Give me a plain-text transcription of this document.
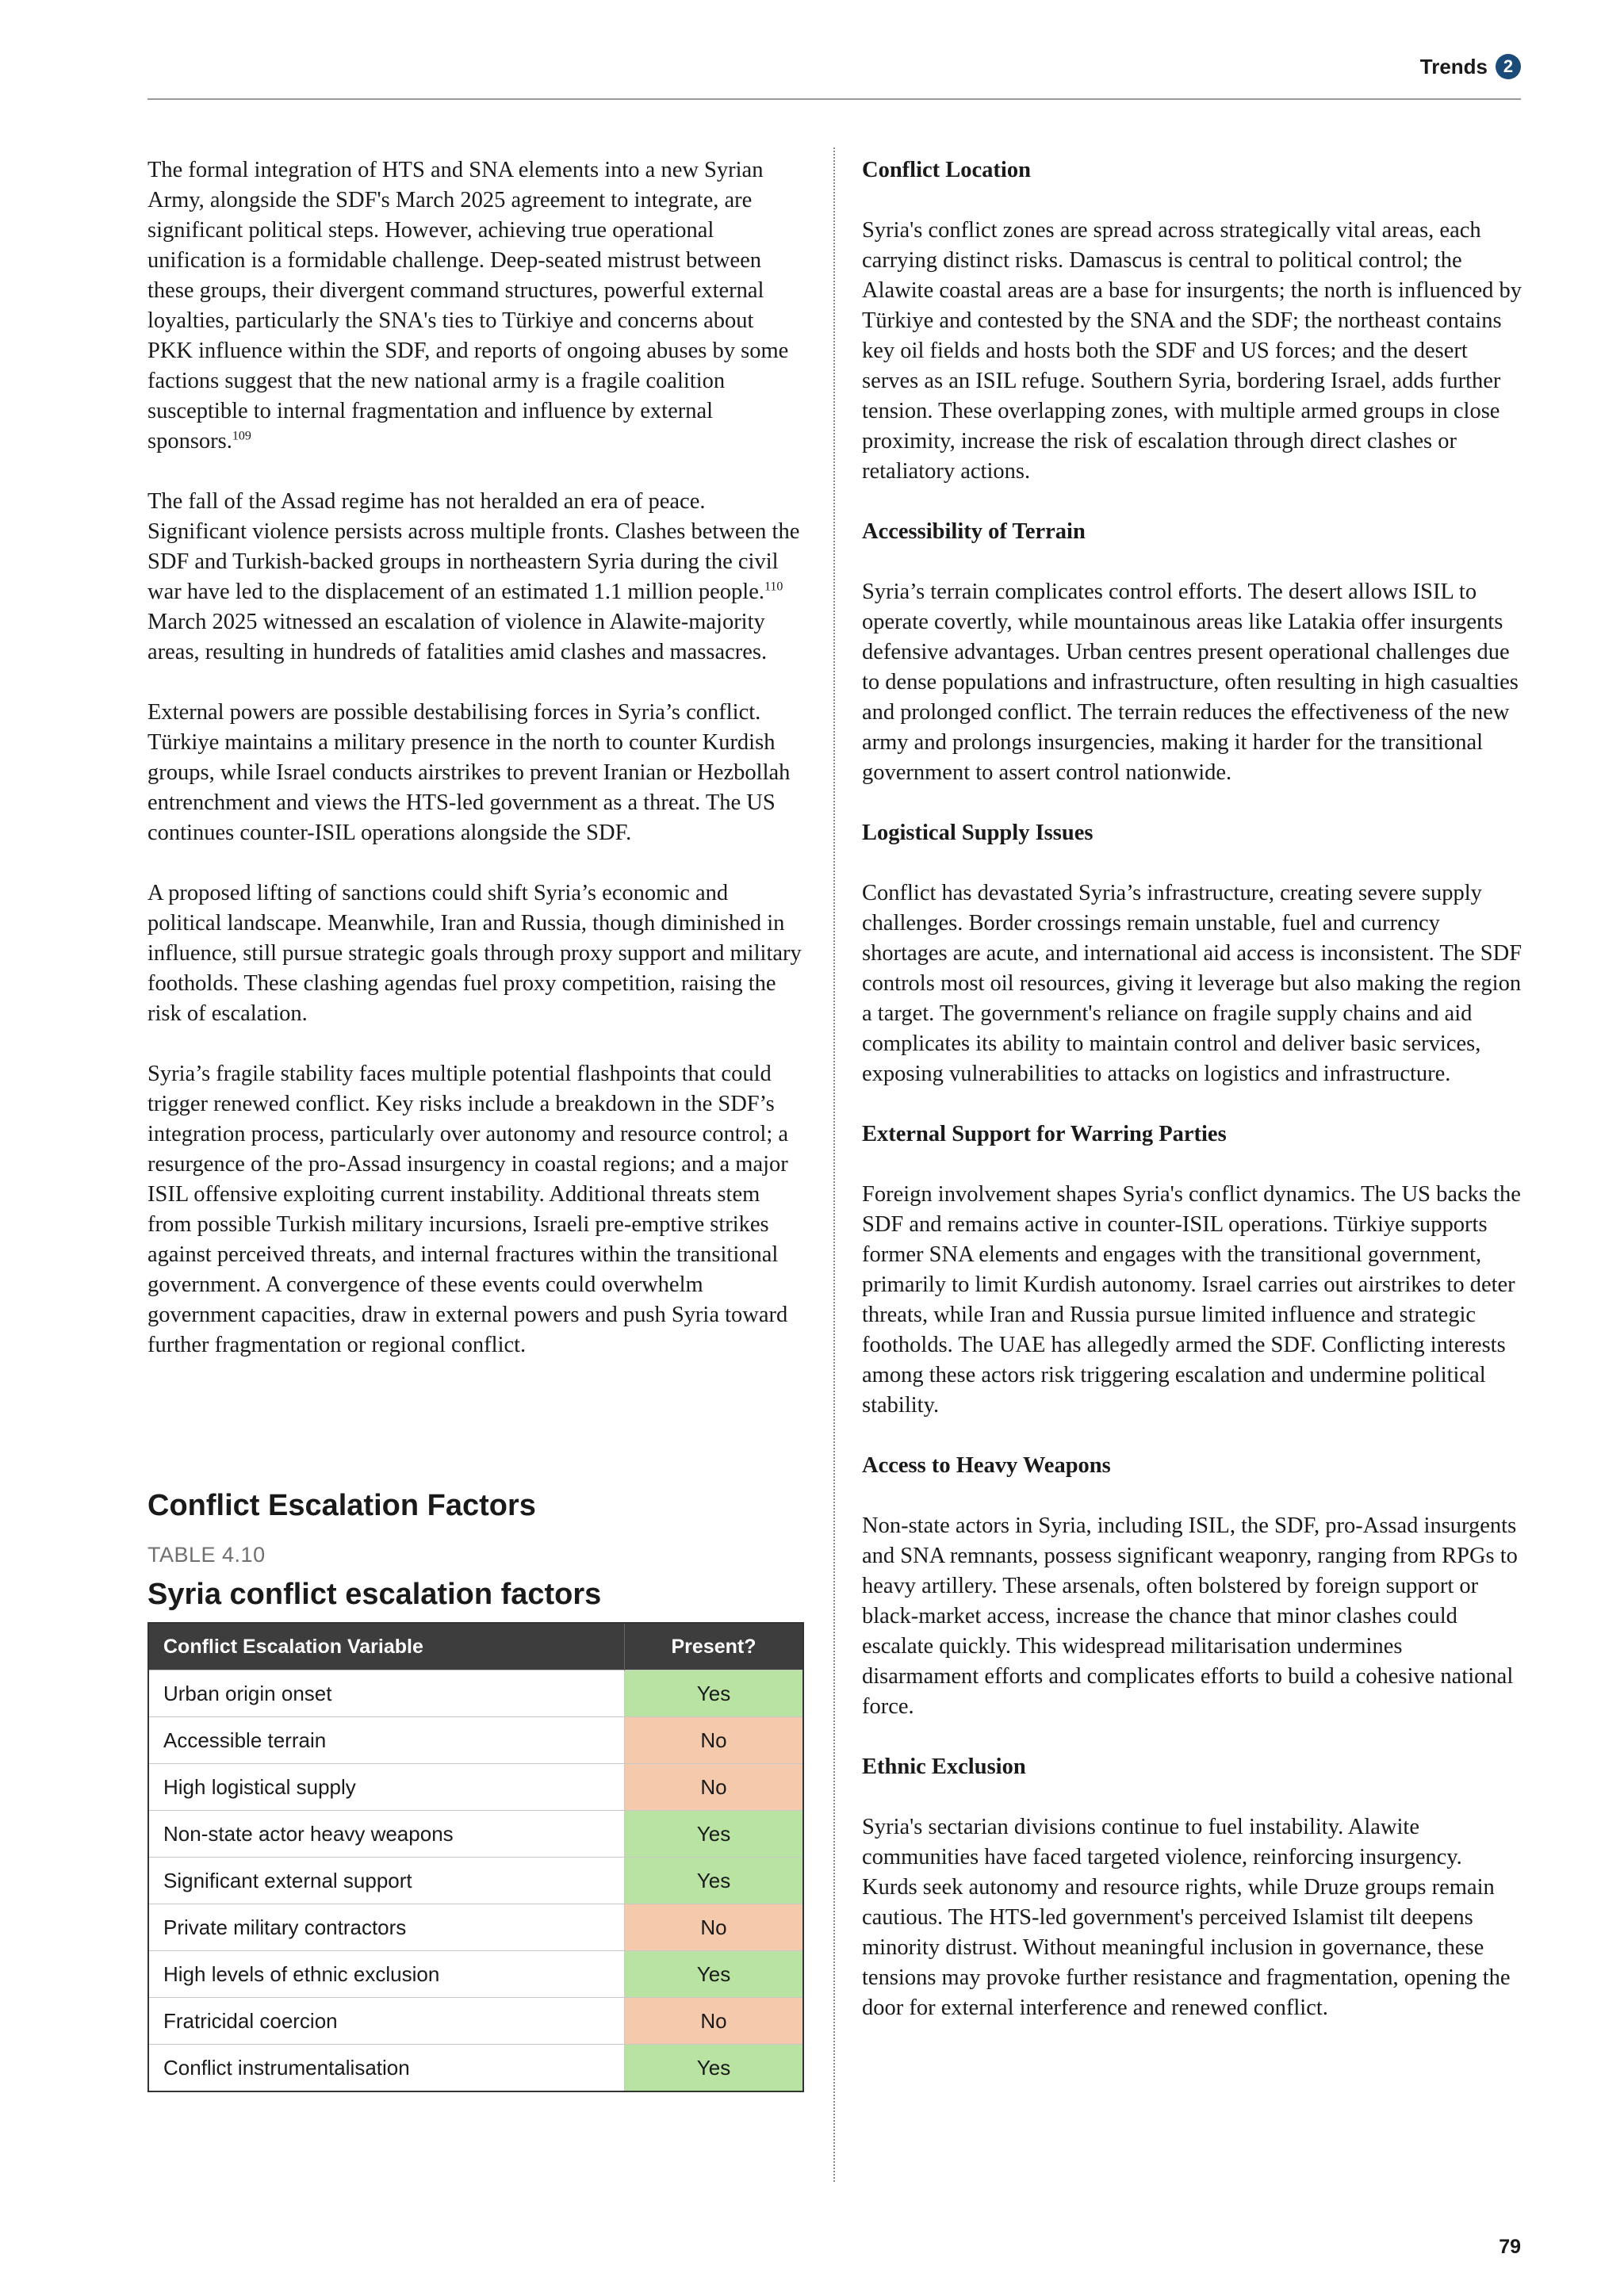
Trends 2

The formal integration of HTS and SNA elements into a new Syrian Army, alongside the SDF's March 2025 agreement to integrate, are significant political steps. However, achieving true operational unification is a formidable challenge. Deep-seated mistrust between these groups, their divergent command structures, powerful external loyalties, particularly the SNA's ties to Türkiye and concerns about PKK influence within the SDF, and reports of ongoing abuses by some factions suggest that the new national army is a fragile coalition susceptible to internal fragmentation and influence by external sponsors.$^{109}$

The fall of the Assad regime has not heralded an era of peace. Significant violence persists across multiple fronts. Clashes between the SDF and Turkish-backed groups in northeastern Syria during the civil war have led to the displacement of an estimated 1.1 million people.$^{110}$ March 2025 witnessed an escalation of violence in Alawite-majority areas, resulting in hundreds of fatalities amid clashes and massacres.

External powers are possible destabilising forces in Syria’s conflict. Türkiye maintains a military presence in the north to counter Kurdish groups, while Israel conducts airstrikes to prevent Iranian or Hezbollah entrenchment and views the HTS-led government as a threat. The US continues counter-ISIL operations alongside the SDF.

A proposed lifting of sanctions could shift Syria’s economic and political landscape. Meanwhile, Iran and Russia, though diminished in influence, still pursue strategic goals through proxy support and military footholds. These clashing agendas fuel proxy competition, raising the risk of escalation.

Syria’s fragile stability faces multiple potential flashpoints that could trigger renewed conflict. Key risks include a breakdown in the SDF’s integration process, particularly over autonomy and resource control; a resurgence of the pro-Assad insurgency in coastal regions; and a major ISIL offensive exploiting current instability. Additional threats stem from possible Turkish military incursions, Israeli pre-emptive strikes against perceived threats, and internal fractures within the transitional government. A convergence of these events could overwhelm government capacities, draw in external powers and push Syria toward further fragmentation or regional conflict.

Conflict Escalation Factors
TABLE 4.10
Syria conflict escalation factors
Conflict Escalation Variable	Present?
Urban origin onset	Yes
Accessible terrain	No
High logistical supply	No
Non-state actor heavy weapons	Yes
Significant external support	Yes
Private military contractors	No
High levels of ethnic exclusion	Yes
Fratricidal coercion	No
Conflict instrumentalisation	Yes
Conflict Location

Syria's conflict zones are spread across strategically vital areas, each carrying distinct risks. Damascus is central to political control; the Alawite coastal areas are a base for insurgents; the north is influenced by Türkiye and contested by the SNA and the SDF; the northeast contains key oil fields and hosts both the SDF and US forces; and the desert serves as an ISIL refuge. Southern Syria, bordering Israel, adds further tension. These overlapping zones, with multiple armed groups in close proximity, increase the risk of escalation through direct clashes or retaliatory actions.

Accessibility of Terrain

Syria’s terrain complicates control efforts. The desert allows ISIL to operate covertly, while mountainous areas like Latakia offer insurgents defensive advantages. Urban centres present operational challenges due to dense populations and infrastructure, often resulting in high casualties and prolonged conflict. The terrain reduces the effectiveness of the new army and prolongs insurgencies, making it harder for the transitional government to assert control nationwide.

Logistical Supply Issues

Conflict has devastated Syria’s infrastructure, creating severe supply challenges. Border crossings remain unstable, fuel and currency shortages are acute, and international aid access is inconsistent. The SDF controls most oil resources, giving it leverage but also making the region a target. The government's reliance on fragile supply chains and aid complicates its ability to maintain control and deliver basic services, exposing vulnerabilities to attacks on logistics and infrastructure.

External Support for Warring Parties

Foreign involvement shapes Syria's conflict dynamics. The US backs the SDF and remains active in counter-ISIL operations. Türkiye supports former SNA elements and engages with the transitional government, primarily to limit Kurdish autonomy. Israel carries out airstrikes to deter threats, while Iran and Russia pursue limited influence and strategic footholds. The UAE has allegedly armed the SDF. Conflicting interests among these actors risk triggering escalation and undermine political stability.

Access to Heavy Weapons

Non-state actors in Syria, including ISIL, the SDF, pro-Assad insurgents and SNA remnants, possess significant weaponry, ranging from RPGs to heavy artillery. These arsenals, often bolstered by foreign support or black-market access, increase the chance that minor clashes could escalate quickly. This widespread militarisation undermines disarmament efforts and complicates efforts to build a cohesive national force.

Ethnic Exclusion

Syria's sectarian divisions continue to fuel instability. Alawite communities have faced targeted violence, reinforcing insurgency. Kurds seek autonomy and resource rights, while Druze groups remain cautious. The HTS-led government's perceived Islamist tilt deepens minority distrust. Without meaningful inclusion in governance, these tensions may provoke further resistance and fragmentation, opening the door for external interference and renewed conflict.

79
